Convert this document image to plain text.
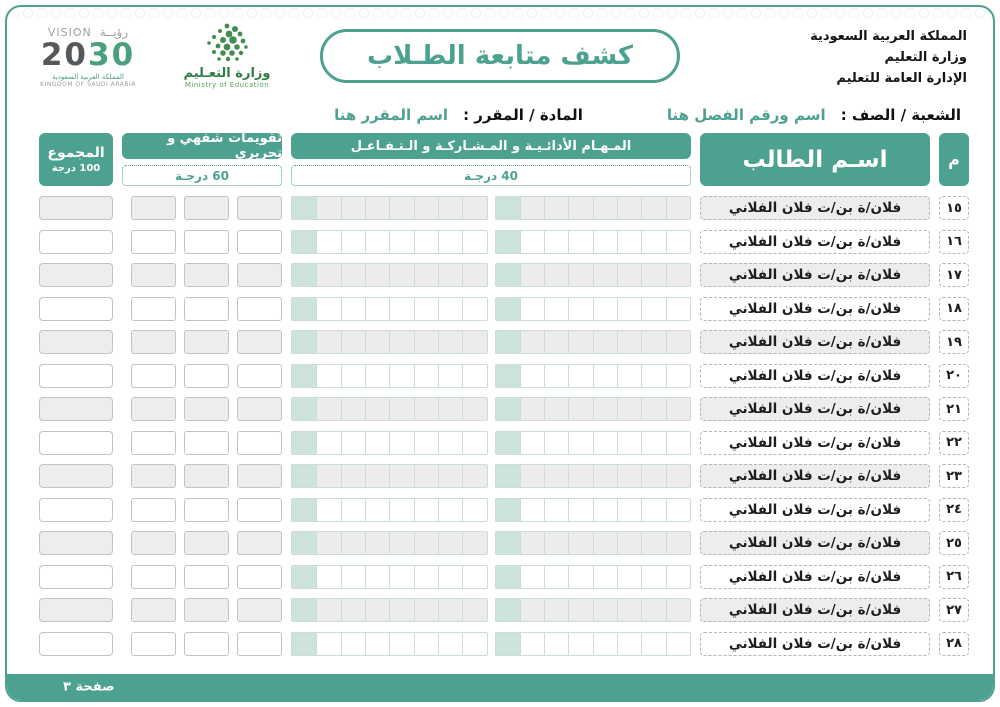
المملكة العربية السعودية
وزارة التعليم
الإدارة العامة للتعليم
وزارة التعـليم
Ministry of Education
VISION رؤيــة
2030
المملكة العربية السعودية
KINGDOM OF SAUDI ARABIA
كشف متابعة الطـلاب
الشعبة / الصف : اسم ورقم الفصل هنا
المادة / المقرر : اسم المقرر هنا
م
اسـم الطالب
المـهـام الأدائـيـة و المـشـاركـة و الـتـفـاعـل
40 درجـة
تقويمات شفهي و تحريري
60 درجـة
المجموع
100 درجة
١٥
فلان/ة بن/ت فلان الفلاني
١٦
فلان/ة بن/ت فلان الفلاني
١٧
فلان/ة بن/ت فلان الفلاني
١٨
فلان/ة بن/ت فلان الفلاني
١٩
فلان/ة بن/ت فلان الفلاني
٢٠
فلان/ة بن/ت فلان الفلاني
٢١
فلان/ة بن/ت فلان الفلاني
٢٢
فلان/ة بن/ت فلان الفلاني
٢٣
فلان/ة بن/ت فلان الفلاني
٢٤
فلان/ة بن/ت فلان الفلاني
٢٥
فلان/ة بن/ت فلان الفلاني
٢٦
فلان/ة بن/ت فلان الفلاني
٢٧
فلان/ة بن/ت فلان الفلاني
٢٨
فلان/ة بن/ت فلان الفلاني
صفحة ٣
